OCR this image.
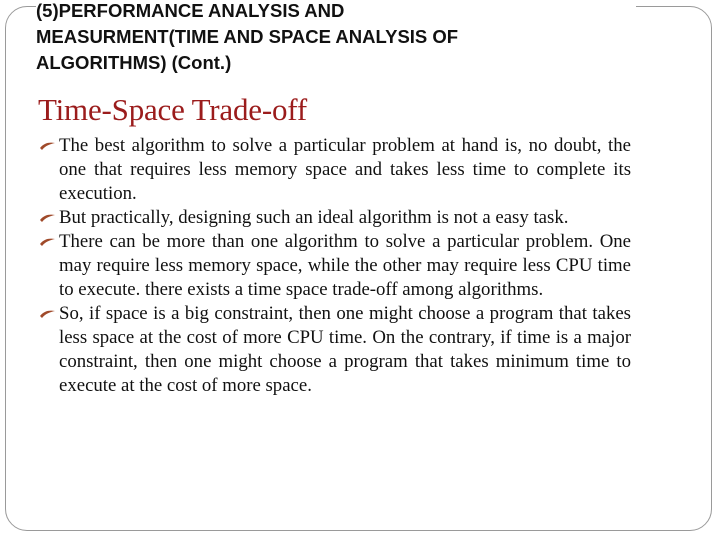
(5)PERFORMANCE ANALYSIS AND
MEASURMENT(TIME AND SPACE ANALYSIS OF
ALGORITHMS) (Cont.)
Time-Space Trade-off
The best algorithm to solve a particular problem at hand is, no doubt, the one that requires less memory space and takes less time to complete its execution.
But practically, designing such an ideal algorithm is not a easy task.
There can be more than one algorithm to solve a particular problem. One may require less memory space, while the other may require less CPU time to execute. there exists a time space trade-off among algorithms.
So, if space is a big constraint, then one might choose a program that takes less space at the cost of more CPU time. On the contrary, if time is a major constraint, then one might choose a program that takes minimum time to execute at the cost of more space.
